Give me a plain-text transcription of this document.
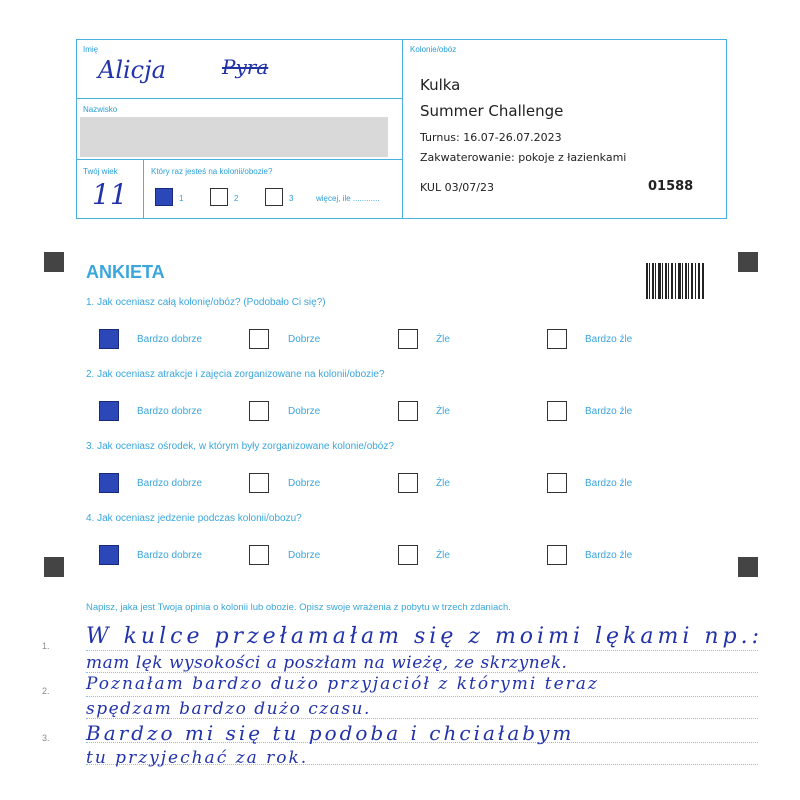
Imię
Alicja	Pyra
Nazwisko
Twój wiek
11
Który raz jesteś na kolonii/obozie?
1	2	3	więcej, ile ............
Kolonie/obóz
Kulka
Summer Challenge
Turnus: 16.07-26.07.2023
Zakwaterowanie: pokoje z łazienkami
KUL 03/07/23	01588
ANKIETA
1. Jak oceniasz całą kolonię/obóz? (Podobało Ci się?)
Bardzo dobrze	Dobrze	Źle	Bardzo źle
2. Jak oceniasz atrakcje i zajęcia zorganizowane na kolonii/obozie?
Bardzo dobrze	Dobrze	Źle	Bardzo źle
3. Jak oceniasz ośrodek, w którym były zorganizowane kolonie/obóz?
Bardzo dobrze	Dobrze	Źle	Bardzo źle
4. Jak oceniasz jedzenie podczas kolonii/obozu?
Bardzo dobrze	Dobrze	Źle	Bardzo źle
Napisz, jaka jest Twoja opinia o kolonii lub obozie. Opisz swoje wrażenia z pobytu w trzech zdaniach.
1.
2.
3.
W kulce przełamałam się z moimi lękami np.:
mam lęk wysokości a poszłam na wieżę, ze skrzynek.
Poznałam bardzo dużo przyjaciół z którymi teraz
spędzam bardzo dużo czasu.
Bardzo mi się tu podoba i chciałabym
tu przyjechać za rok.
